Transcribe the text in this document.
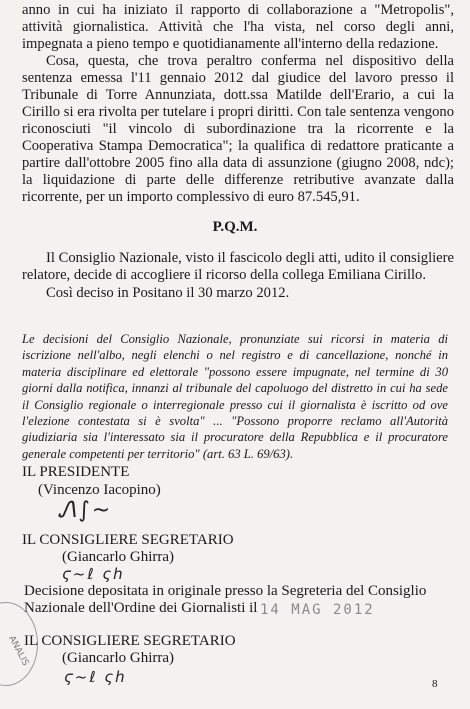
anno in cui ha iniziato il rapporto di collaborazione a "Metropolis", attività giornalistica. Attività che l'ha vista, nel corso degli anni, impegnata a pieno tempo e quotidianamente all'interno della redazione.

Cosa, questa, che trova peraltro conferma nel dispositivo della sentenza emessa l'11 gennaio 2012 dal giudice del lavoro presso il Tribunale di Torre Annunziata, dott.ssa Matilde dell'Erario, a cui la Cirillo si era rivolta per tutelare i propri diritti. Con tale sentenza vengono riconosciuti "il vincolo di subordinazione tra la ricorrente e la Cooperativa Stampa Democratica"; la qualifica di redattore praticante a partire dall'ottobre 2005 fino alla data di assunzione (giugno 2008, ndc); la liquidazione di parte delle differenze retributive avanzate dalla ricorrente, per un importo complessivo di euro 87.545,91.

P.Q.M.

Il Consiglio Nazionale, visto il fascicolo degli atti, udito il consigliere relatore, decide di accogliere il ricorso della collega Emiliana Cirillo.

Così deciso in Positano il 30 marzo 2012.

Le decisioni del Consiglio Nazionale, pronunziate sui ricorsi in materia di iscrizione nell'albo, negli elenchi o nel registro e di cancellazione, nonché in materia disciplinare ed elettorale "possono essere impugnate, nel termine di 30 giorni dalla notifica, innanzi al tribunale del capoluogo del distretto in cui ha sede il Consiglio regionale o interregionale presso cui il giornalista è iscritto od ove l'elezione contestata si è svolta" ... "Possono proporre reclamo all'Autorità giudiziaria sia l'interessato sia il procuratore della Repubblica e il procuratore generale competenti per territorio" (art. 63 L. 69/63).
IL PRESIDENTE
(Vincenzo Iacopino)
Ꮑ∫~
IL CONSIGLIERE SEGRETARIO
(Giancarlo Ghirra)
ϛ~ℓ ςh
Decisione depositata in originale presso la Segreteria del Consiglio
Nazionale dell'Ordine dei Giornalisti il 14 MAG 2012
ANALIS
IL CONSIGLIERE SEGRETARIO
(Giancarlo Ghirra)
ϛ~ℓ ςh	8
